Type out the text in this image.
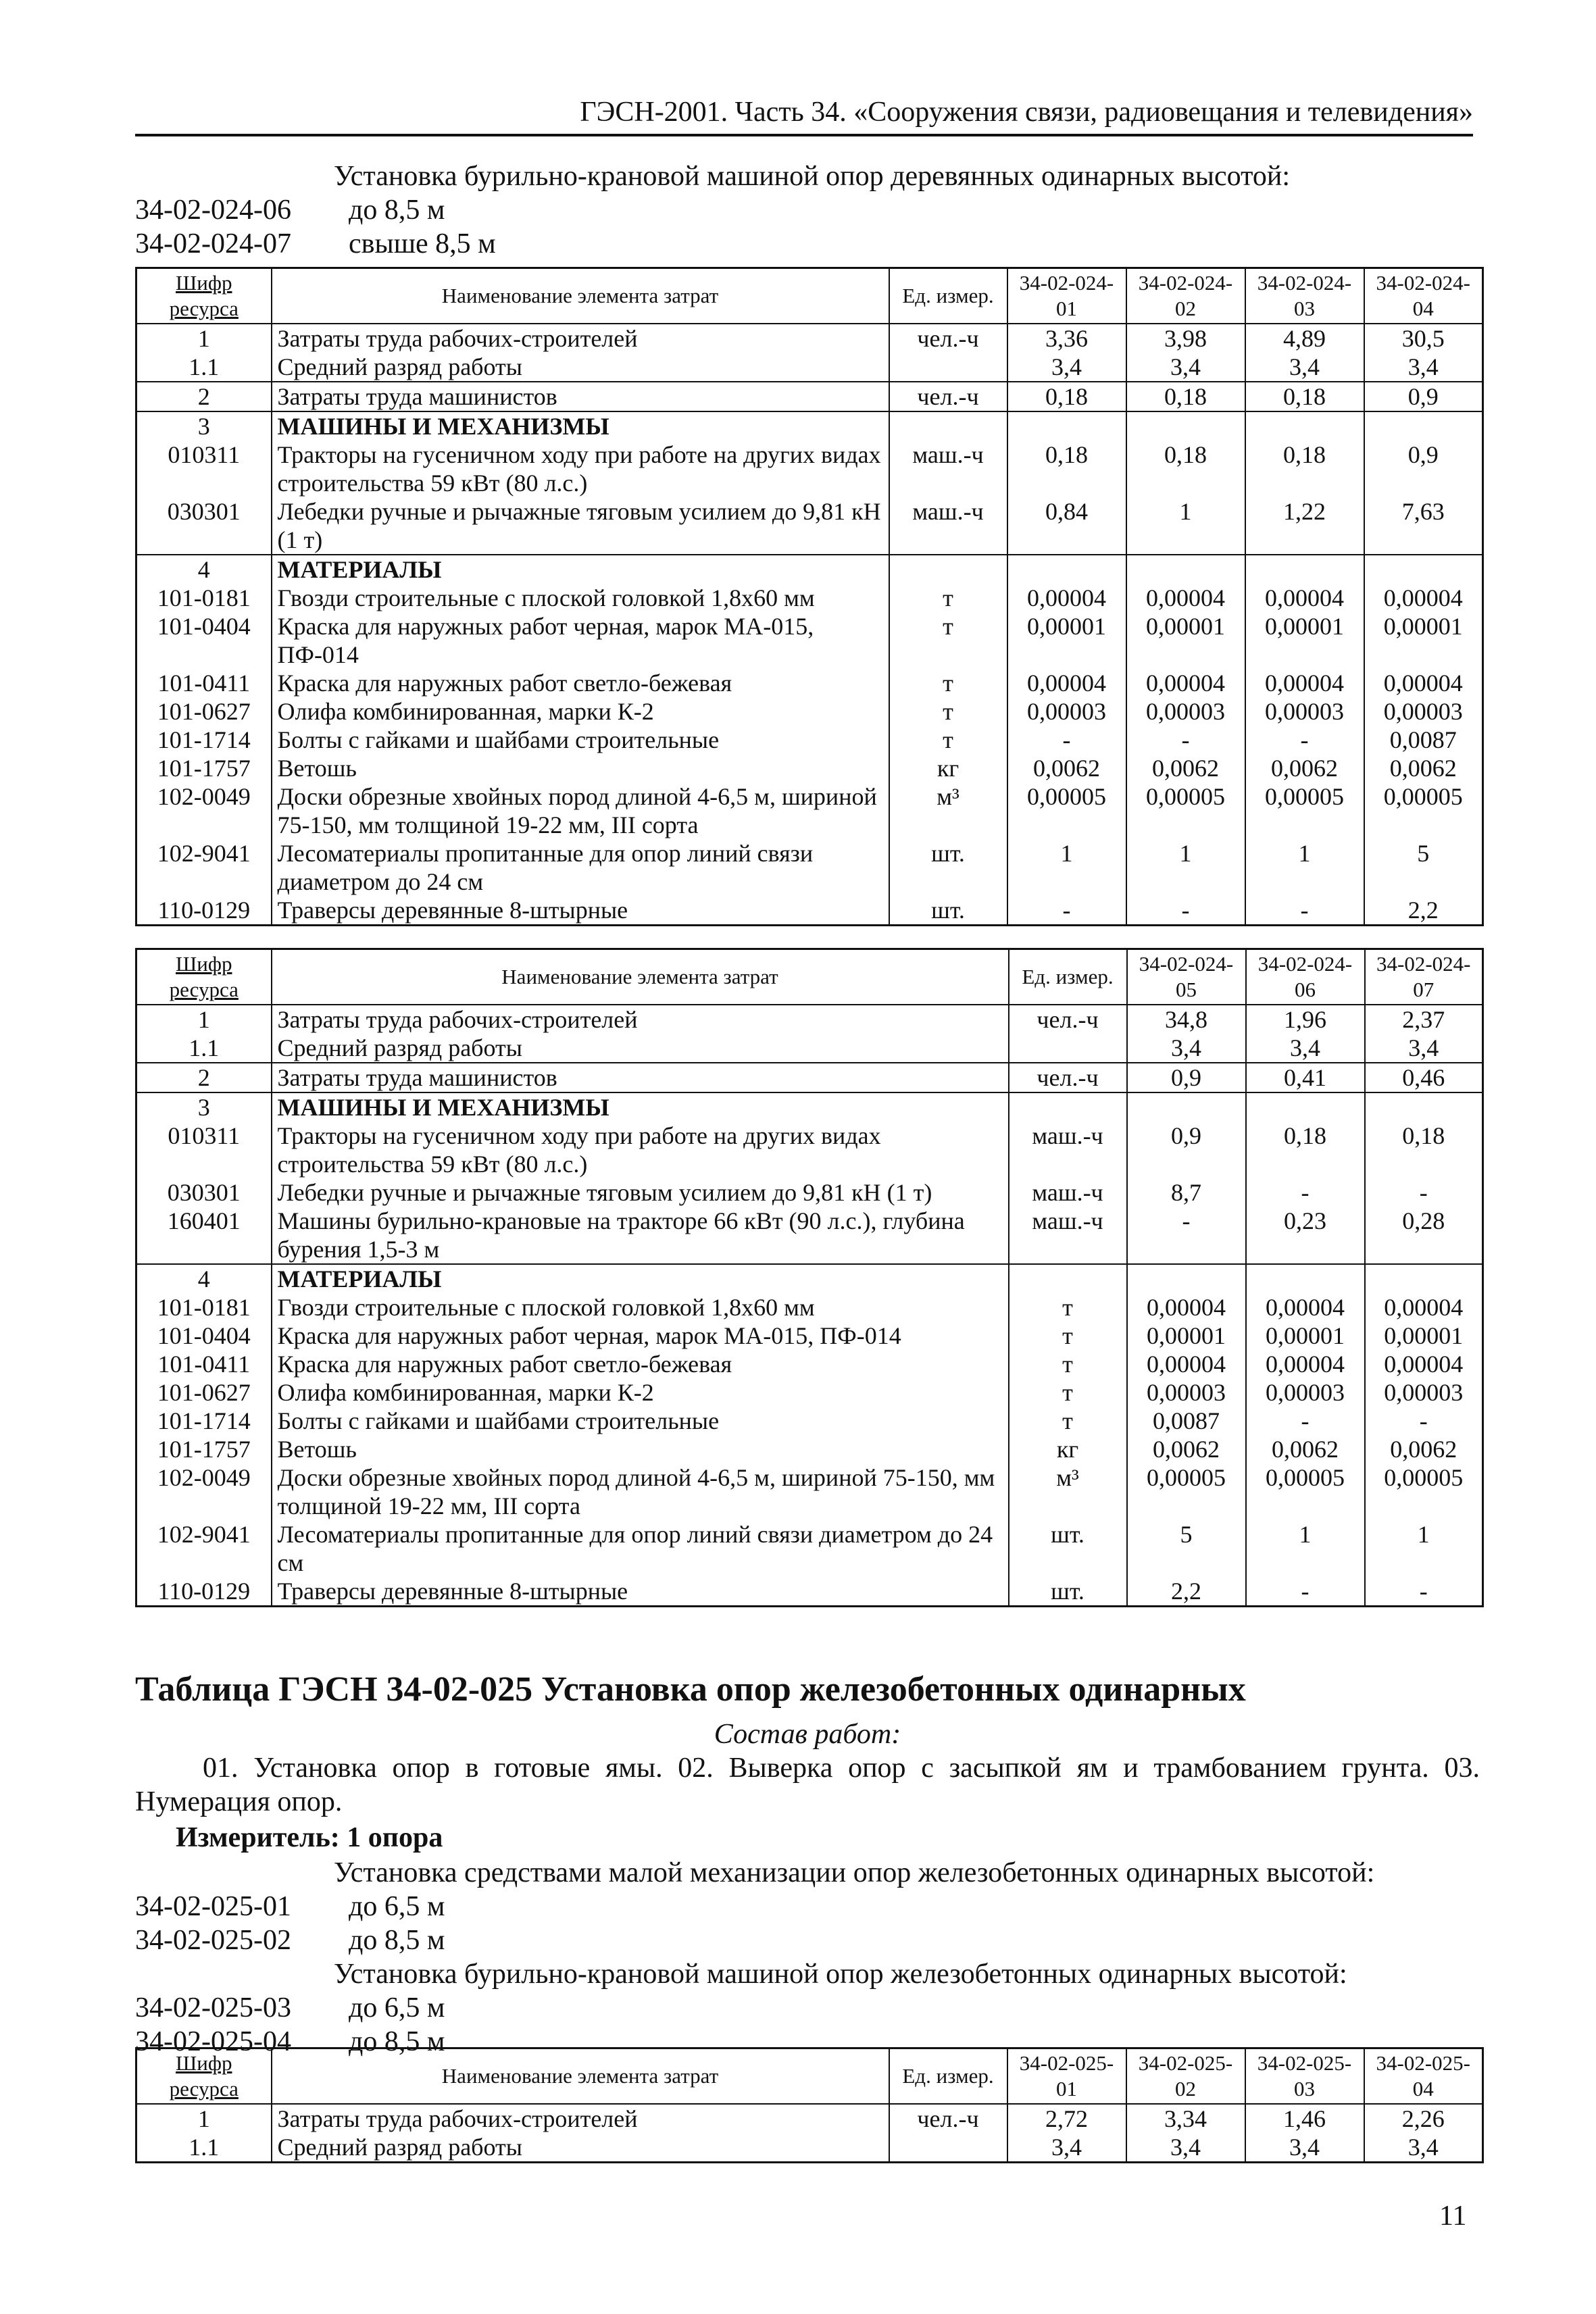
ГЭСН-2001. Часть 34. «Сооружения связи, радиовещания и телевидения»
Установка бурильно-крановой машиной опор деревянных одинарных высотой:
34-02-024-06 до 8,5 м
34-02-024-07 свыше 8,5 м
Шифр ресурса	Наименование элемента затрат	Ед. измер.	34-02-024-01	34-02-024-02	34-02-024-03	34-02-024-04
1	Затраты труда рабочих-строителей	чел.-ч	3,36	3,98	4,89	30,5
1.1	Средний разряд работы		3,4	3,4	3,4	3,4
2	Затраты труда машинистов	чел.-ч	0,18	0,18	0,18	0,9
3	МАШИНЫ И МЕХАНИЗМЫ					
010311	Тракторы на гусеничном ходу при работе на других видах строительства 59 кВт (80 л.с.)	маш.-ч	0,18	0,18	0,18	0,9
030301	Лебедки ручные и рычажные тяговым усилием до 9,81 кН (1 т)	маш.-ч	0,84	1	1,22	7,63
4	МАТЕРИАЛЫ					
101-0181	Гвозди строительные с плоской головкой 1,8х60 мм	т	0,00004	0,00004	0,00004	0,00004
101-0404	Краска для наружных работ черная, марок МА-015, ПФ-014	т	0,00001	0,00001	0,00001	0,00001
101-0411	Краска для наружных работ светло-бежевая	т	0,00004	0,00004	0,00004	0,00004
101-0627	Олифа комбинированная, марки К-2	т	0,00003	0,00003	0,00003	0,00003
101-1714	Болты с гайками и шайбами строительные	т	-	-	-	0,0087
101-1757	Ветошь	кг	0,0062	0,0062	0,0062	0,0062
102-0049	Доски обрезные хвойных пород длиной 4-6,5 м, шириной 75-150, мм толщиной 19-22 мм, III сорта	м³	0,00005	0,00005	0,00005	0,00005
102-9041	Лесоматериалы пропитанные для опор линий связи диаметром до 24 см	шт.	1	1	1	5
110-0129	Траверсы деревянные 8-штырные	шт.	-	-	-	2,2
Шифр ресурса	Наименование элемента затрат	Ед. измер.	34-02-024-05	34-02-024-06	34-02-024-07
1	Затраты труда рабочих-строителей	чел.-ч	34,8	1,96	2,37
1.1	Средний разряд работы		3,4	3,4	3,4
2	Затраты труда машинистов	чел.-ч	0,9	0,41	0,46
3	МАШИНЫ И МЕХАНИЗМЫ				
010311	Тракторы на гусеничном ходу при работе на других видах строительства 59 кВт (80 л.с.)	маш.-ч	0,9	0,18	0,18
030301	Лебедки ручные и рычажные тяговым усилием до 9,81 кН (1 т)	маш.-ч	8,7	-	-
160401	Машины бурильно-крановые на тракторе 66 кВт (90 л.с.), глубина бурения 1,5-3 м	маш.-ч	-	0,23	0,28
4	МАТЕРИАЛЫ				
101-0181	Гвозди строительные с плоской головкой 1,8х60 мм	т	0,00004	0,00004	0,00004
101-0404	Краска для наружных работ черная, марок МА-015, ПФ-014	т	0,00001	0,00001	0,00001
101-0411	Краска для наружных работ светло-бежевая	т	0,00004	0,00004	0,00004
101-0627	Олифа комбинированная, марки К-2	т	0,00003	0,00003	0,00003
101-1714	Болты с гайками и шайбами строительные	т	0,0087	-	-
101-1757	Ветошь	кг	0,0062	0,0062	0,0062
102-0049	Доски обрезные хвойных пород длиной 4-6,5 м, шириной 75-150, мм толщиной 19-22 мм, III сорта	м³	0,00005	0,00005	0,00005
102-9041	Лесоматериалы пропитанные для опор линий связи диаметром до 24 см	шт.	5	1	1
110-0129	Траверсы деревянные 8-штырные	шт.	2,2	-	-
Таблица ГЭСН 34-02-025 Установка опор железобетонных одинарных
Состав работ:
01. Установка опор в готовые ямы. 02. Выверка опор с засыпкой ям и трамбованием грунта. 03. Нумерация опор.
Измеритель: 1 опора
Установка средствами малой механизации опор железобетонных одинарных высотой:
34-02-025-01 до 6,5 м
34-02-025-02 до 8,5 м
Установка бурильно-крановой машиной опор железобетонных одинарных высотой:
34-02-025-03 до 6,5 м
34-02-025-04 до 8,5 м
Шифр ресурса	Наименование элемента затрат	Ед. измер.	34-02-025-01	34-02-025-02	34-02-025-03	34-02-025-04
1	Затраты труда рабочих-строителей	чел.-ч	2,72	3,34	1,46	2,26
1.1	Средний разряд работы		3,4	3,4	3,4	3,4
11
